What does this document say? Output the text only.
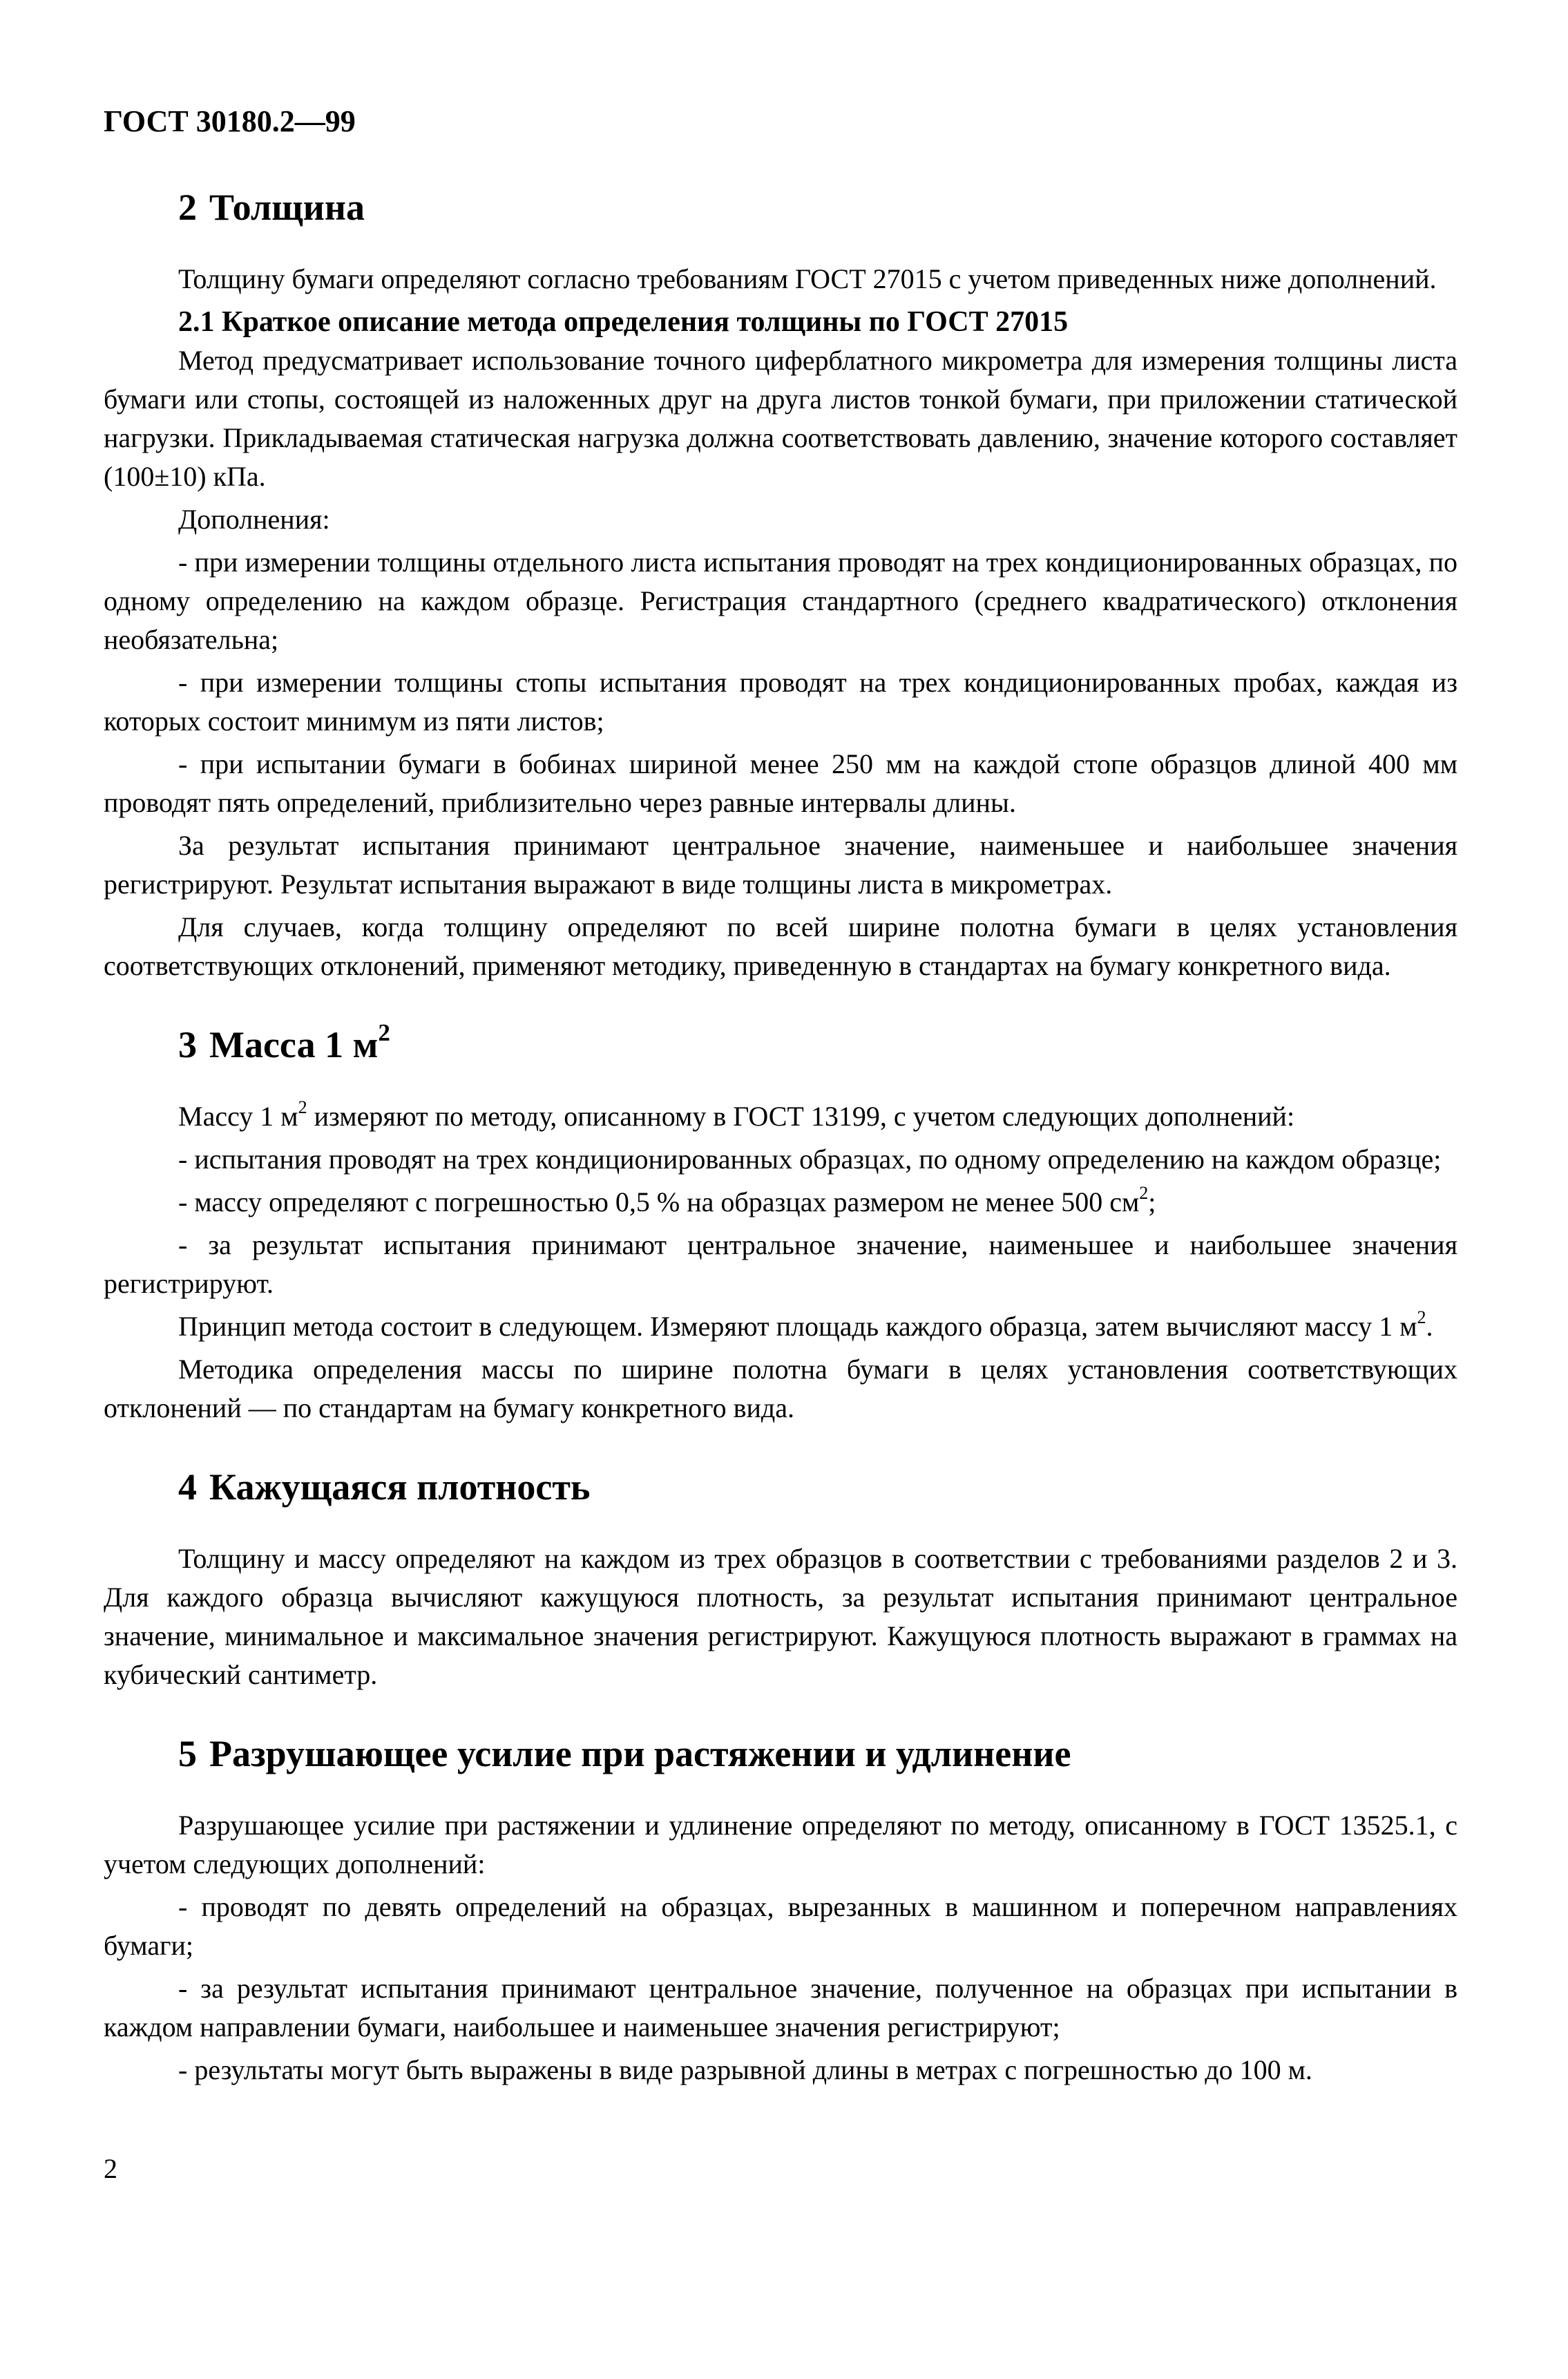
ГОСТ 30180.2—99
2 Толщина

Толщину бумаги определяют согласно требованиям ГОСТ 27015 с учетом приведенных ниже дополнений.

2.1 Краткое описание метода определения толщины по ГОСТ 27015

Метод предусматривает использование точного циферблатного микрометра для измерения толщины листа бумаги или стопы, состоящей из наложенных друг на друга листов тонкой бумаги, при приложении статической нагрузки. Прикладываемая статическая нагрузка должна соответствовать давлению, значение которого составляет (100±10) кПа.

Дополнения:

- при измерении толщины отдельного листа испытания проводят на трех кондиционированных образцах, по одному определению на каждом образце. Регистрация стандартного (среднего квадратического) отклонения необязательна;

- при измерении толщины стопы испытания проводят на трех кондиционированных пробах, каждая из которых состоит минимум из пяти листов;

- при испытании бумаги в бобинах шириной менее 250 мм на каждой стопе образцов длиной 400 мм проводят пять определений, приблизительно через равные интервалы длины.

За результат испытания принимают центральное значение, наименьшее и наибольшее значения регистрируют. Результат испытания выражают в виде толщины листа в микрометрах.

Для случаев, когда толщину определяют по всей ширине полотна бумаги в целях установления соответствующих отклонений, применяют методику, приведенную в стандартах на бумагу конкретного вида.

3 Масса 1 $м^2$

Массу 1 $м^2$ измеряют по методу, описанному в ГОСТ 13199, с учетом следующих дополнений:

- испытания проводят на трех кондиционированных образцах, по одному определению на каждом образце;

- массу определяют с погрешностью 0,5 % на образцах размером не менее 500 $см^2$;

- за результат испытания принимают центральное значение, наименьшее и наибольшее значения регистрируют.

Принцип метода состоит в следующем. Измеряют площадь каждого образца, затем вычисляют массу 1 $м^2$.

Методика определения массы по ширине полотна бумаги в целях установления соответствующих отклонений — по стандартам на бумагу конкретного вида.

4 Кажущаяся плотность

Толщину и массу определяют на каждом из трех образцов в соответствии с требованиями разделов 2 и 3. Для каждого образца вычисляют кажущуюся плотность, за результат испытания принимают центральное значение, минимальное и максимальное значения регистрируют. Кажущуюся плотность выражают в граммах на кубический сантиметр.

5 Разрушающее усилие при растяжении и удлинение

Разрушающее усилие при растяжении и удлинение определяют по методу, описанному в ГОСТ 13525.1, с учетом следующих дополнений:

- проводят по девять определений на образцах, вырезанных в машинном и поперечном направлениях бумаги;

- за результат испытания принимают центральное значение, полученное на образцах при испытании в каждом направлении бумаги, наибольшее и наименьшее значения регистрируют;

- результаты могут быть выражены в виде разрывной длины в метрах с погрешностью до 100 м.

2
